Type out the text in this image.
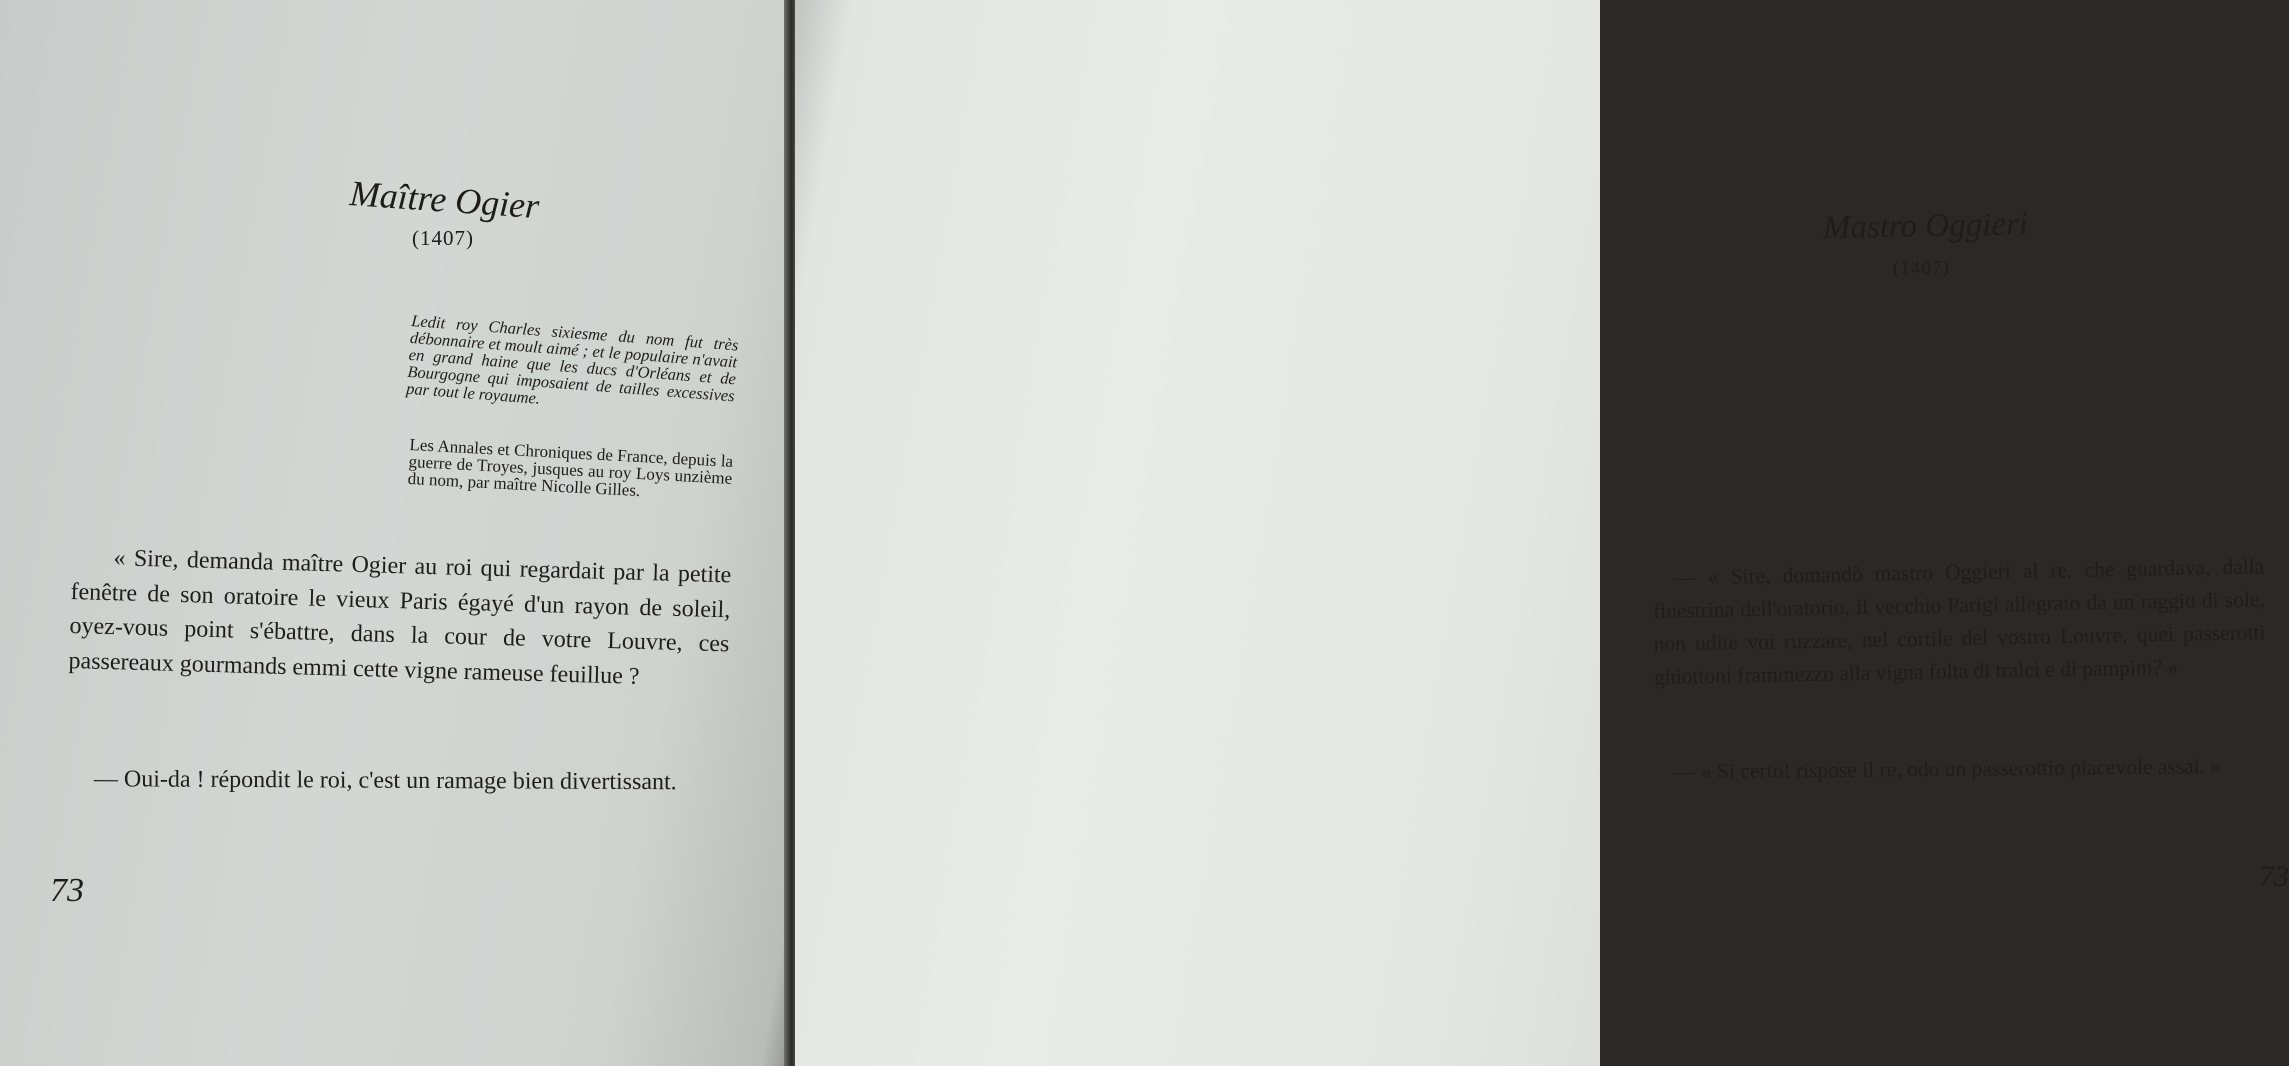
Maître Ogier
(1407)
Ledit roy Charles sixiesme du nom fut très débonnaire et moult aimé ; et le populaire n'avait en grand haine que les ducs d'Orléans et de Bourgogne qui imposaient de tailles excessives par tout le royaume.
Les Annales et Chroniques de France, depuis la guerre de Troyes, jusques au roy Loys unzième du nom, par maître Nicolle Gilles.
« Sire, demanda maître Ogier au roi qui regardait par la petite fenêtre de son oratoire le vieux Paris égayé d'un rayon de soleil, oyez-vous point s'ébattre, dans la cour de votre Louvre, ces passereaux gourmands emmi cette vigne rameuse feuillue ?
— Oui-da ! répondit le roi, c'est un ramage bien divertissant.
73
Mastro Oggieri
(1407)
— « Sire, domandò mastro Oggieri al re, che guardava, dalla finestrina dell'oratorio, il vecchio Parigi allegrato da un raggio di sole, non udite voi ruzzare, nel cortile del vostro Louvre, quei passerotti ghiottoni frammezzo alla vigna folta di tralci e di pampini? »
— « Si certo! rispose il re, odo un passerottio piacevole assai. »
73
